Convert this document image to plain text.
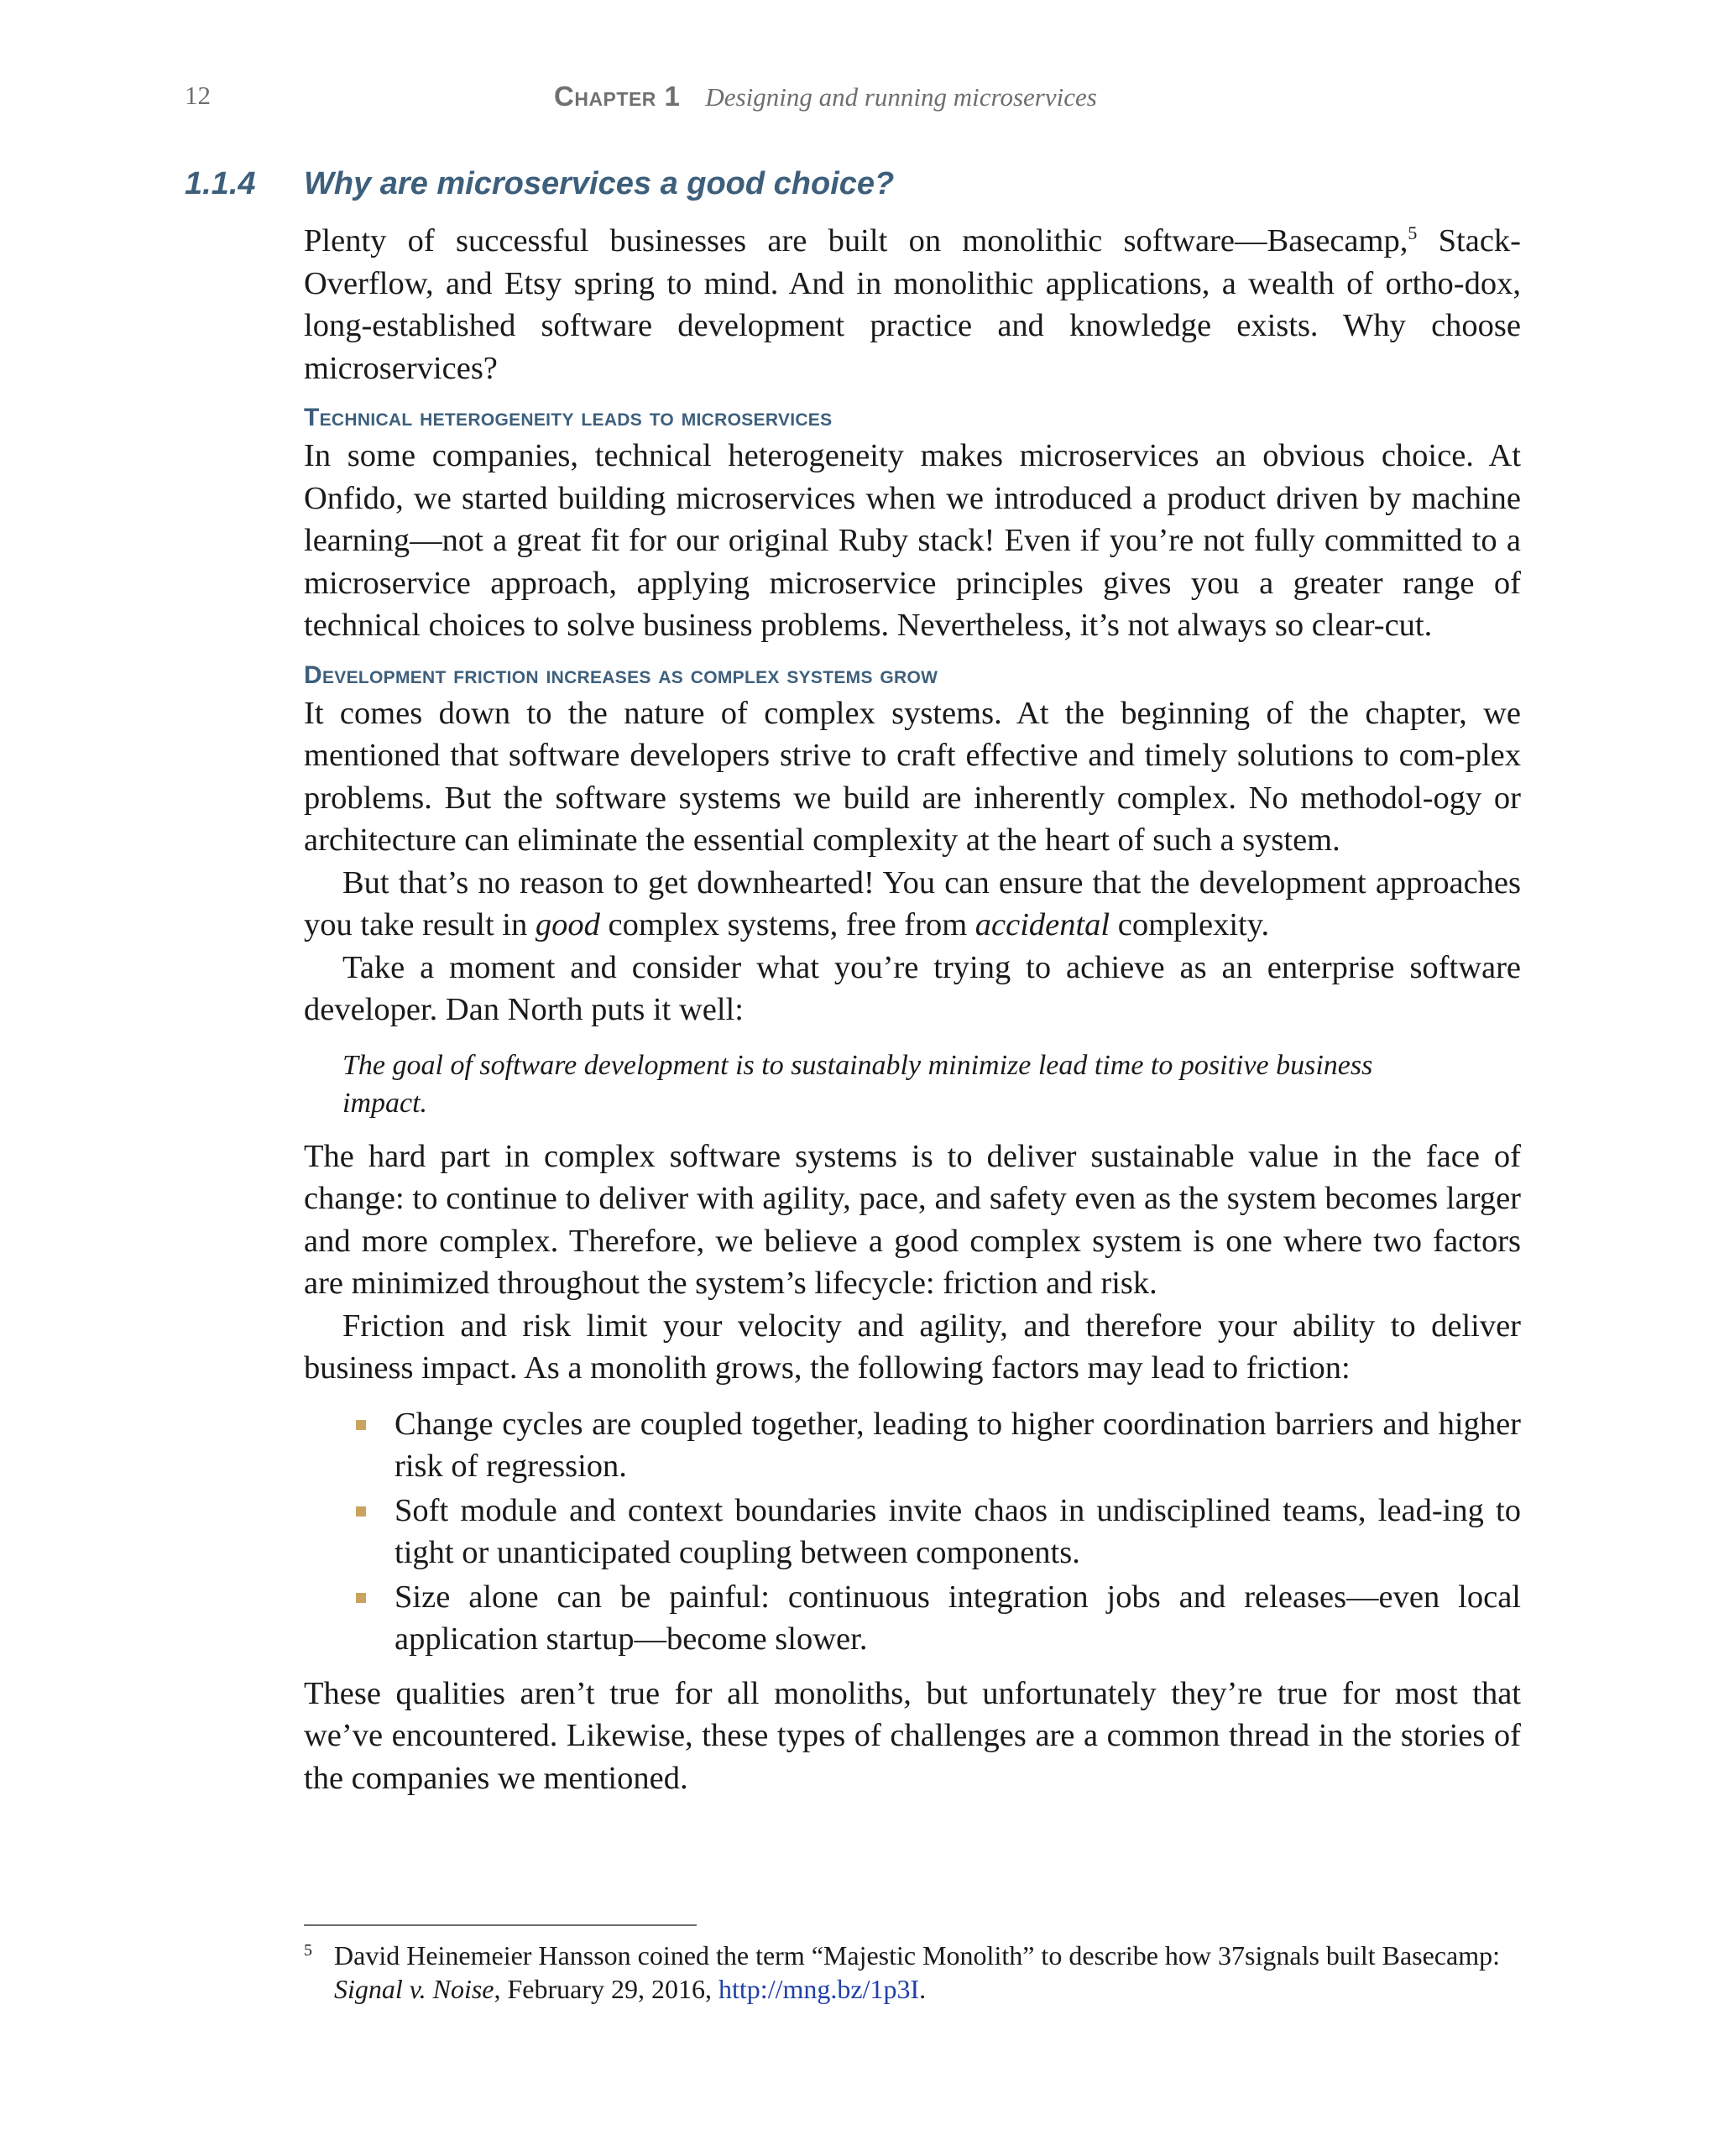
12	Chapter 1 Designing and running microservices
1.1.4 Why are microservices a good choice?

Plenty of successful businesses are built on monolithic software—Basecamp,$^5$ Stack-Overflow, and Etsy spring to mind. And in monolithic applications, a wealth of ortho-dox, long-established software development practice and knowledge exists. Why choose microservices?

Technical heterogeneity leads to microservices

In some companies, technical heterogeneity makes microservices an obvious choice. At Onfido, we started building microservices when we introduced a product driven by machine learning—not a great fit for our original Ruby stack! Even if you’re not fully committed to a microservice approach, applying microservice principles gives you a greater range of technical choices to solve business problems. Nevertheless, it’s not always so clear-cut.

Development friction increases as complex systems grow

It comes down to the nature of complex systems. At the beginning of the chapter, we mentioned that software developers strive to craft effective and timely solutions to com-plex problems. But the software systems we build are inherently complex. No methodol-ogy or architecture can eliminate the essential complexity at the heart of such a system.

But that’s no reason to get downhearted! You can ensure that the development approaches you take result in good complex systems, free from accidental complexity.

Take a moment and consider what you’re trying to achieve as an enterprise software developer. Dan North puts it well:

The goal of software development is to sustainably minimize lead time to positive business impact.

The hard part in complex software systems is to deliver sustainable value in the face of change: to continue to deliver with agility, pace, and safety even as the system becomes larger and more complex. Therefore, we believe a good complex system is one where two factors are minimized throughout the system’s lifecycle: friction and risk.

Friction and risk limit your velocity and agility, and therefore your ability to deliver business impact. As a monolith grows, the following factors may lead to friction:

Change cycles are coupled together, leading to higher coordination barriers and higher risk of regression.
Soft module and context boundaries invite chaos in undisciplined teams, lead-ing to tight or unanticipated coupling between components.
Size alone can be painful: continuous integration jobs and releases—even local application startup—become slower.

These qualities aren’t true for all monoliths, but unfortunately they’re true for most that we’ve encountered. Likewise, these types of challenges are a common thread in the stories of the companies we mentioned.

5 David Heinemeier Hansson coined the term “Majestic Monolith” to describe how 37signals built Basecamp: Signal v. Noise, February 29, 2016, http://mng.bz/1p3I.
